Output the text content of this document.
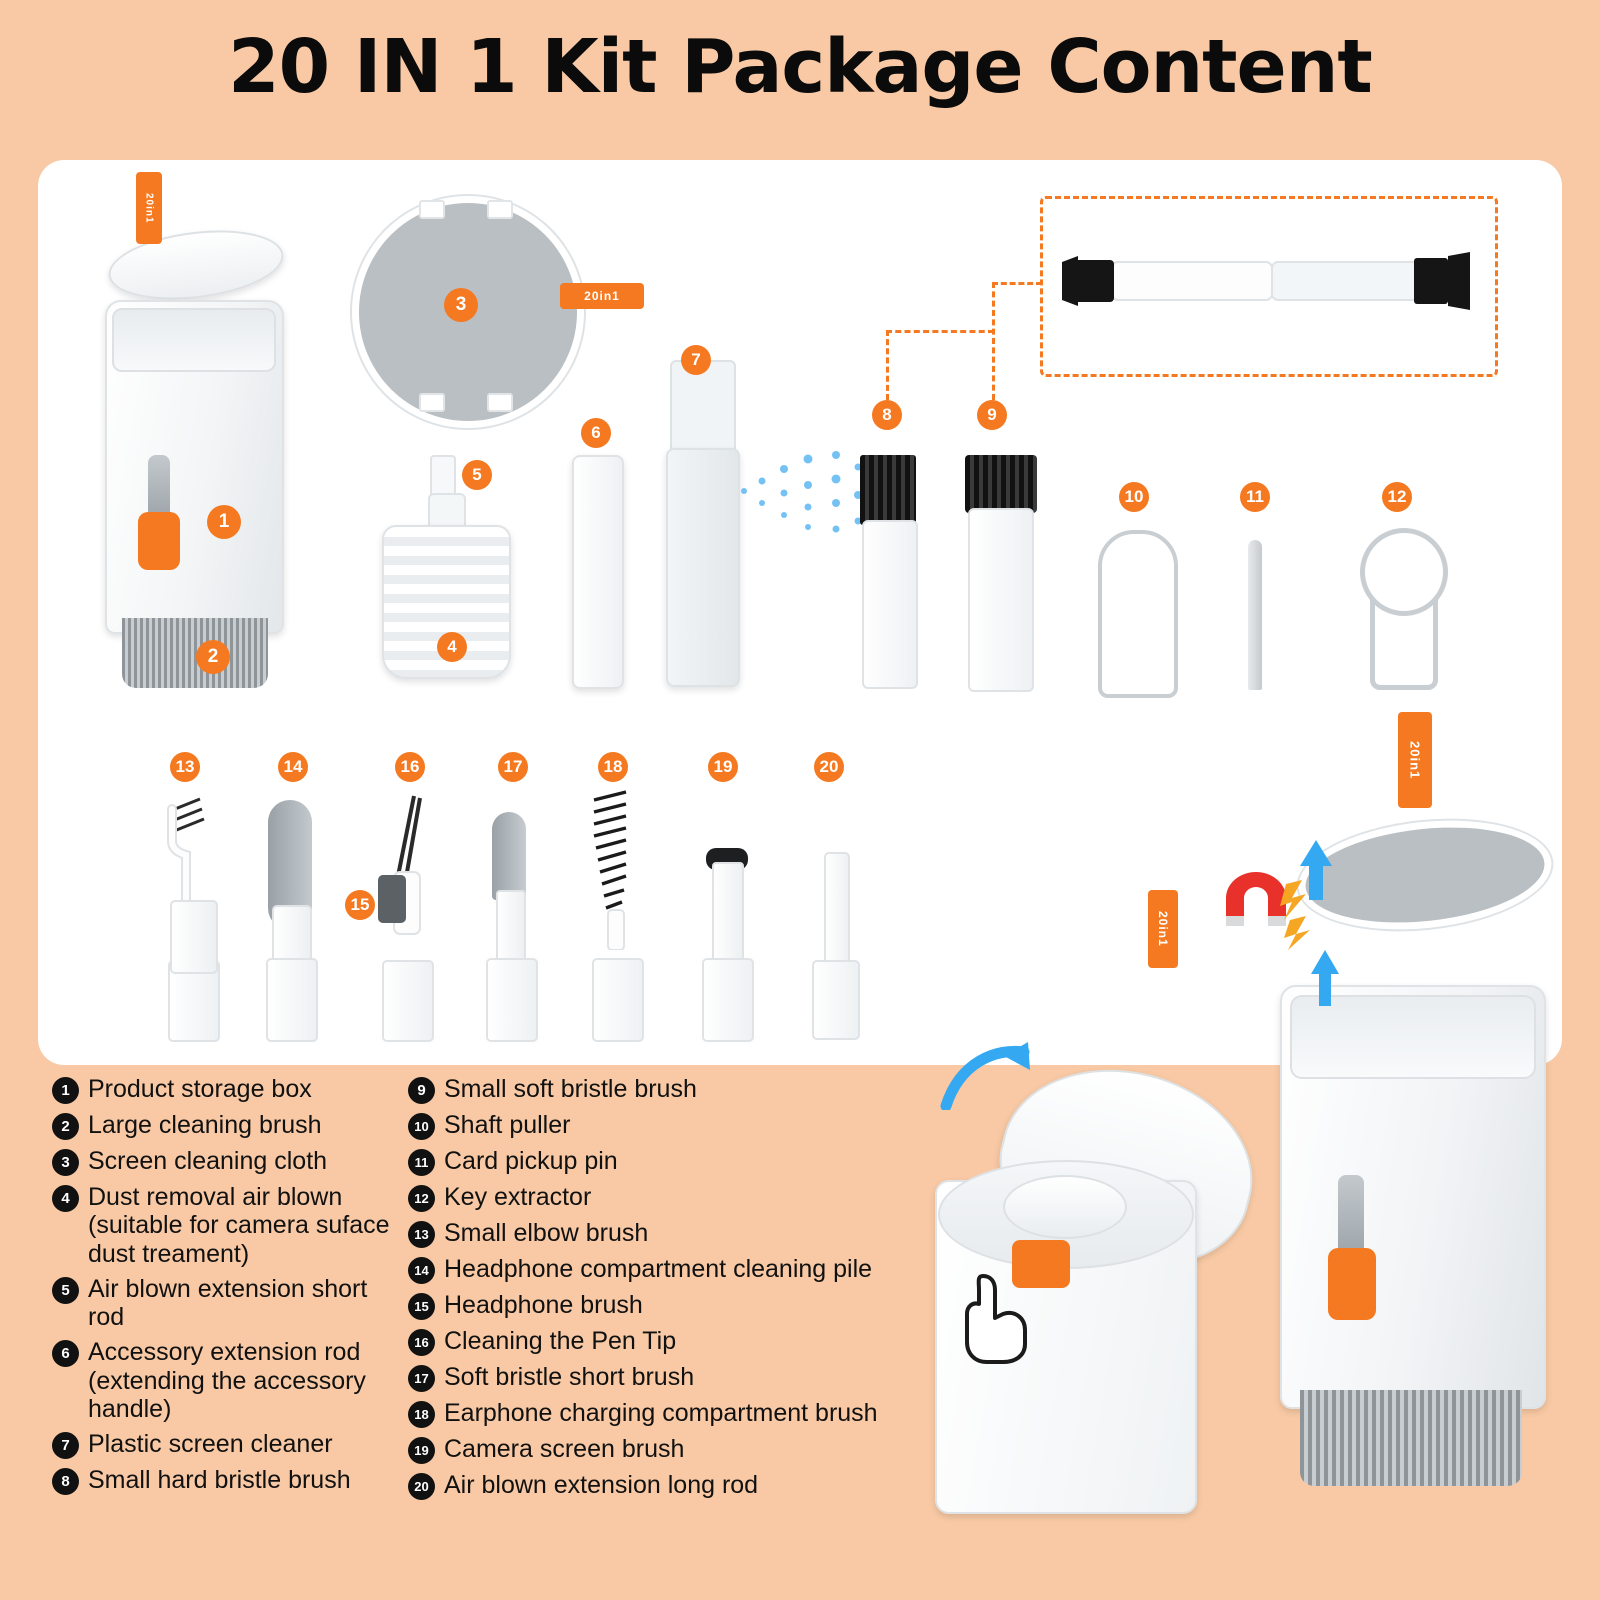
20 IN 1 Kit Package Content
20in1
1
2
20in1
3
5
4
6
7
8	9
10	11	12
13	14	16
15
17	18	19	20
1 Product storage box
2 Large cleaning brush
3 Screen cleaning cloth
4 Dust removal air blown (suitable for camera suface dust treament)
5 Air blown extension short rod
6 Accessory extension rod (extending the accessory handle)
7 Plastic screen cleaner
8 Small hard bristle brush
9 Small soft bristle brush
10 Shaft puller
11 Card pickup pin
12 Key extractor
13 Small elbow brush
14 Headphone compartment cleaning pile
15 Headphone brush
16 Cleaning the Pen Tip
17 Soft bristle short brush
18 Earphone charging compartment brush
19 Camera screen brush
20 Air blown extension long rod
20in1
20in1
